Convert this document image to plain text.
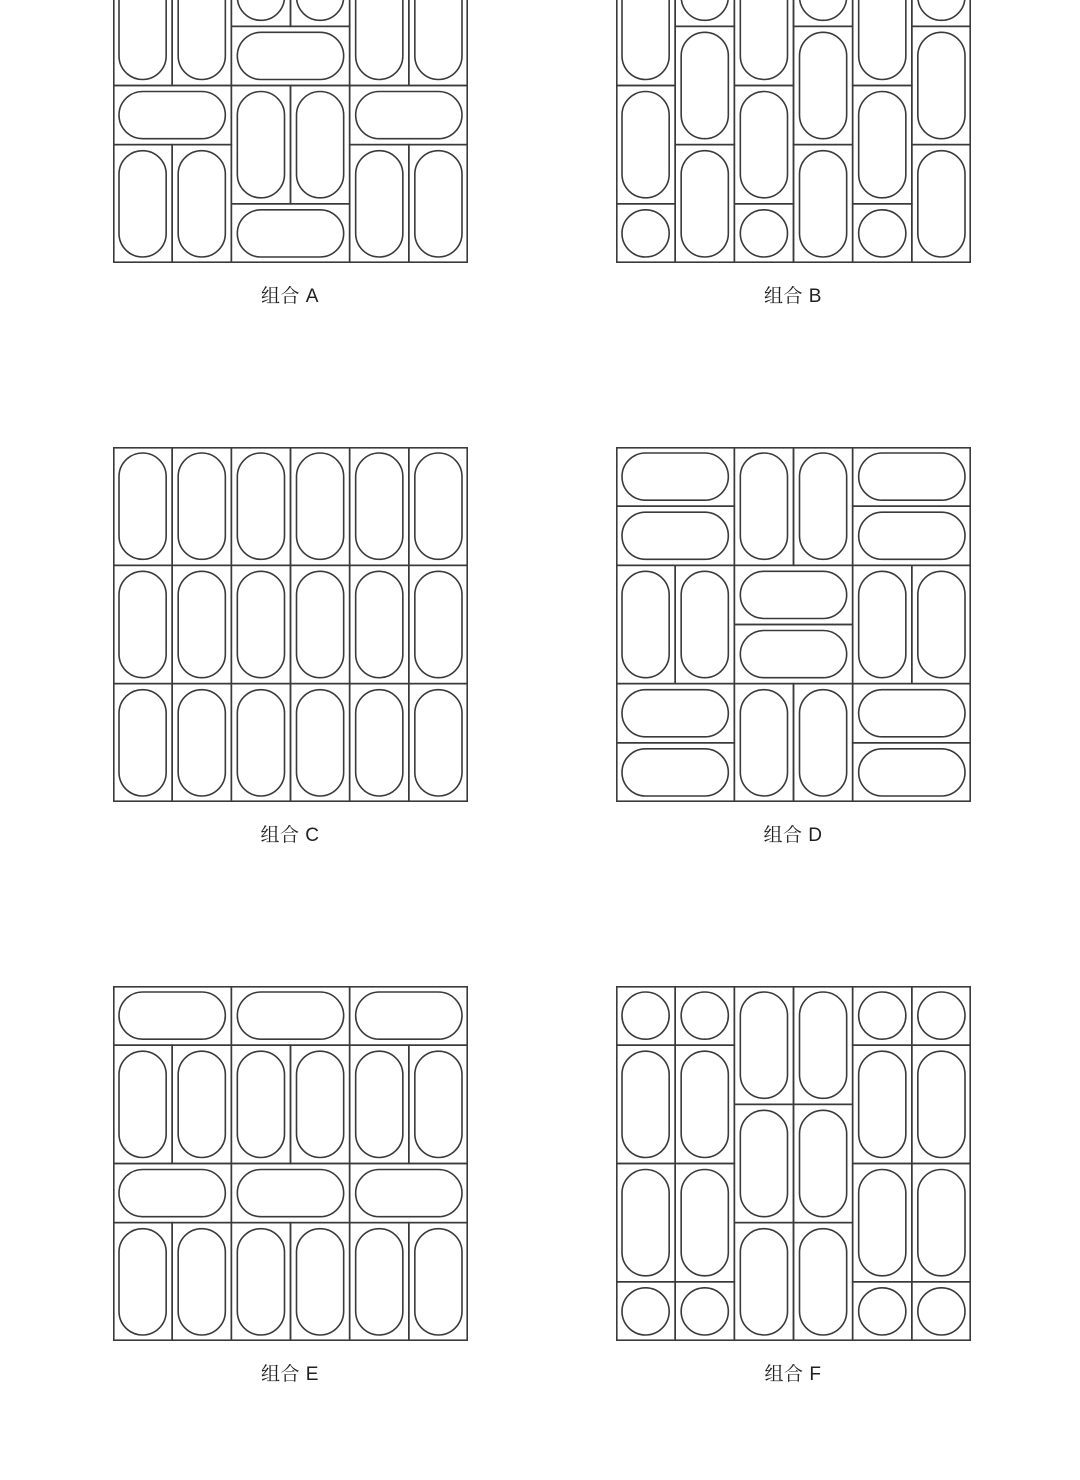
组合 A	组合 B
组合 C	组合 D
组合 E	组合 F
